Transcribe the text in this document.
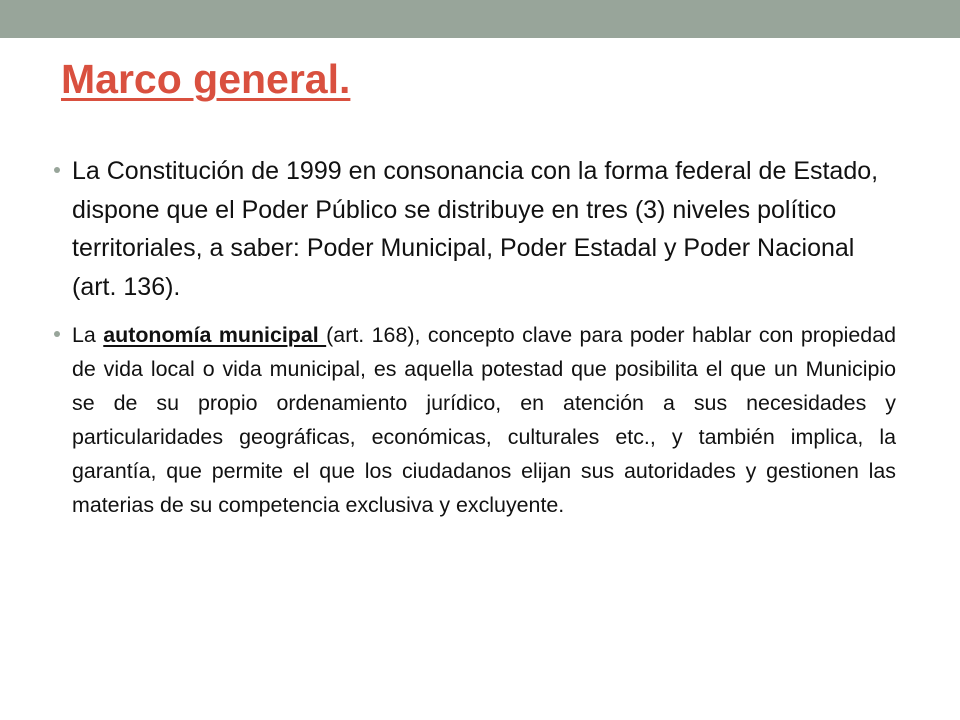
Marco general.
La Constitución de 1999 en consonancia con la forma federal de Estado, dispone que el Poder Público se distribuye en tres (3) niveles político territoriales, a saber: Poder Municipal, Poder Estadal y Poder Nacional (art. 136).
La autonomía municipal (art. 168), concepto clave para poder hablar con propiedad de vida local o vida municipal, es aquella potestad que posibilita el que un Municipio se de su propio ordenamiento jurídico, en atención a sus necesidades y particularidades geográficas, económicas, culturales etc., y también implica, la garantía, que permite el que los ciudadanos elijan sus autoridades y gestionen las materias de su competencia exclusiva y excluyente.
